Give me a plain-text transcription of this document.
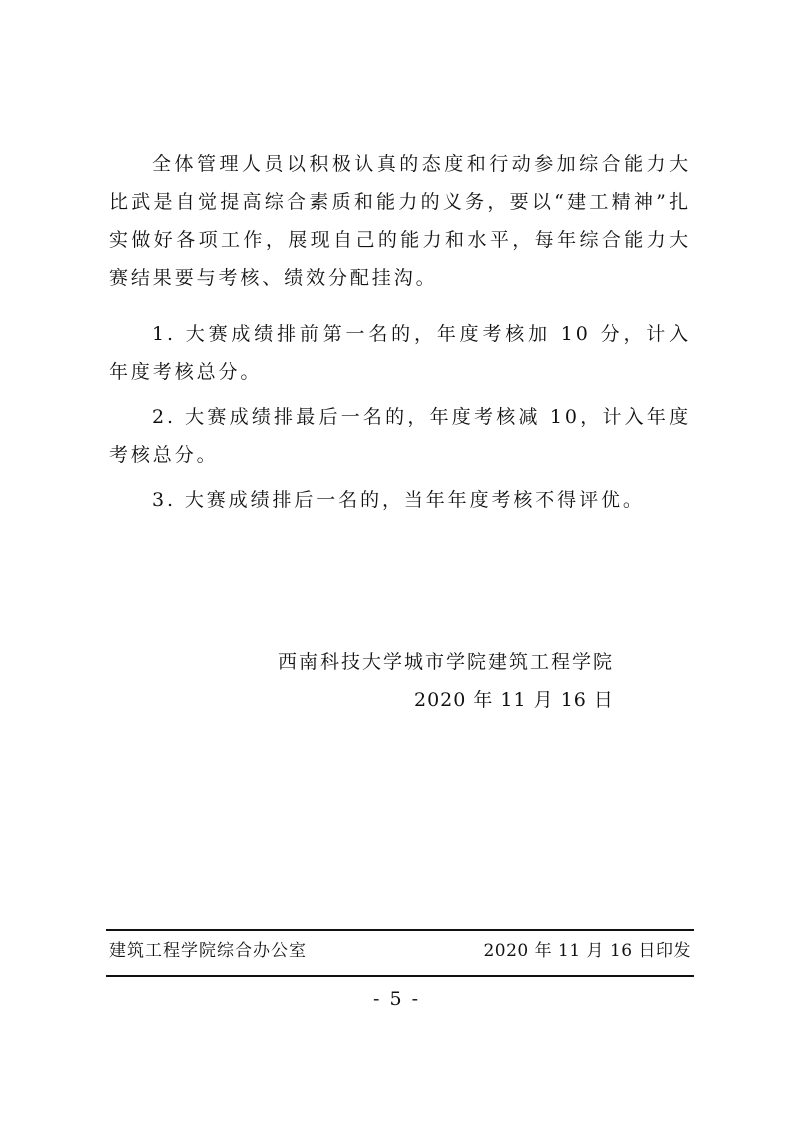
全体管理人员以积极认真的态度和行动参加综合能力大比武是自觉提高综合素质和能力的义务，要以“建工精神”扎实做好各项工作，展现自己的能力和水平，每年综合能力大赛结果要与考核、绩效分配挂沟。

1. 大赛成绩排前第一名的，年度考核加 10 分，计入年度考核总分。

2. 大赛成绩排最后一名的，年度考核减 10，计入年度考核总分。

3. 大赛成绩排后一名的，当年年度考核不得评优。

西南科技大学城市学院建筑工程学院
2020 年 11 月 16 日
建筑工程学院综合办公室	2020 年 11 月 16 日印发
- 5 -
